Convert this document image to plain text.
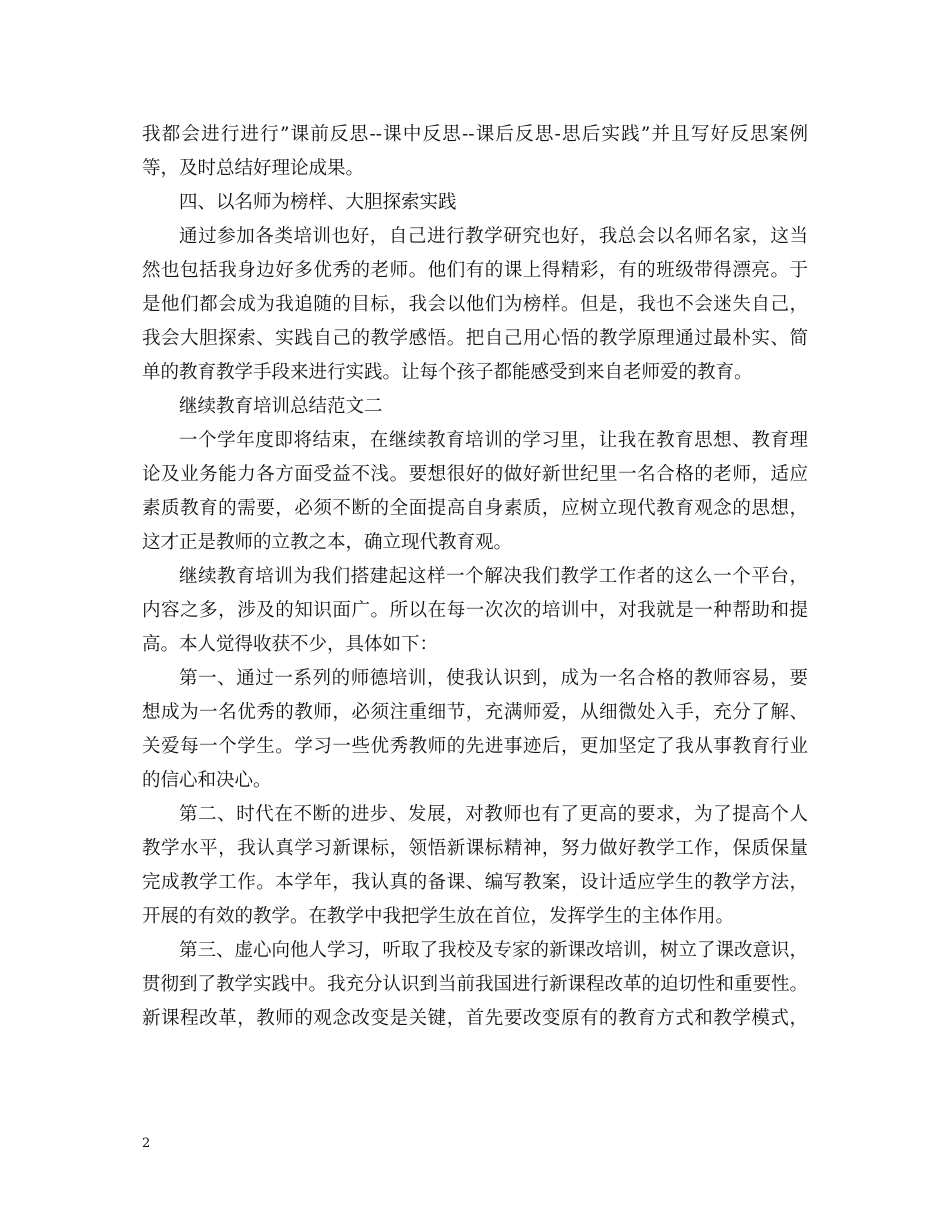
我都会进行进行”课前反思--课中反思--课后反思-思后实践”并且写好反思案例
等，及时总结好理论成果。
四、以名师为榜样、大胆探索实践
通过参加各类培训也好，自己进行教学研究也好，我总会以名师名家，这当
然也包括我身边好多优秀的老师。他们有的课上得精彩，有的班级带得漂亮。于
是他们都会成为我追随的目标，我会以他们为榜样。但是，我也不会迷失自己，
我会大胆探索、实践自己的教学感悟。把自己用心悟的教学原理通过最朴实、简
单的教育教学手段来进行实践。让每个孩子都能感受到来自老师爱的教育。
继续教育培训总结范文二
一个学年度即将结束，在继续教育培训的学习里，让我在教育思想、教育理
论及业务能力各方面受益不浅。要想很好的做好新世纪里一名合格的老师，适应
素质教育的需要，必须不断的全面提高自身素质，应树立现代教育观念的思想，
这才正是教师的立教之本，确立现代教育观。
继续教育培训为我们搭建起这样一个解决我们教学工作者的这么一个平台，
内容之多，涉及的知识面广。所以在每一次次的培训中，对我就是一种帮助和提
高。本人觉得收获不少，具体如下：
第一、通过一系列的师德培训，使我认识到，成为一名合格的教师容易，要
想成为一名优秀的教师，必须注重细节，充满师爱，从细微处入手，充分了解、
关爱每一个学生。学习一些优秀教师的先进事迹后，更加坚定了我从事教育行业
的信心和决心。
第二、时代在不断的进步、发展，对教师也有了更高的要求，为了提高个人
教学水平，我认真学习新课标，领悟新课标精神，努力做好教学工作，保质保量
完成教学工作。本学年，我认真的备课、编写教案，设计适应学生的教学方法，
开展的有效的教学。在教学中我把学生放在首位，发挥学生的主体作用。
第三、虚心向他人学习，听取了我校及专家的新课改培训，树立了课改意识，
贯彻到了教学实践中。我充分认识到当前我国进行新课程改革的迫切性和重要性。
新课程改革，教师的观念改变是关键，首先要改变原有的教育方式和教学模式，
2
